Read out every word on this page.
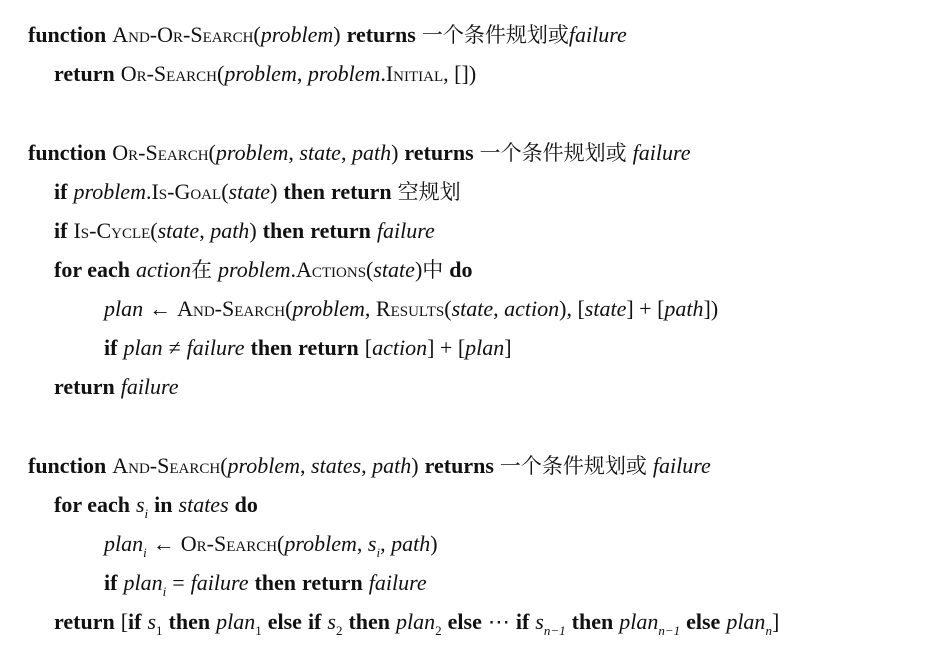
function And-Or-Search(problem) returns 一个条件规划或failure
return Or-Search(problem, problem.Initial, [])
function Or-Search(problem, state, path) returns 一个条件规划或 failure
if problem.Is-Goal(state) then return 空规划
if Is-Cycle(state, path) then return failure
for each action在 problem.Actions(state)中 do
plan ← And-Search(problem, Results(state, action), [state] + [path])
if plan ≠ failure then return [action] + [plan]
return failure
function And-Search(problem, states, path) returns 一个条件规划或 failure
for each $s_i$ in states do
plan$_i$ ← Or-Search(problem, $s_i$, path)
if plan$_i$ = failure then return failure
return [if $s_1$ then plan$_1$ else if $s_2$ then plan$_2$ else ⋯ if $s_{n-1}$ then plan$_{n-1}$ else plan$_n$]
